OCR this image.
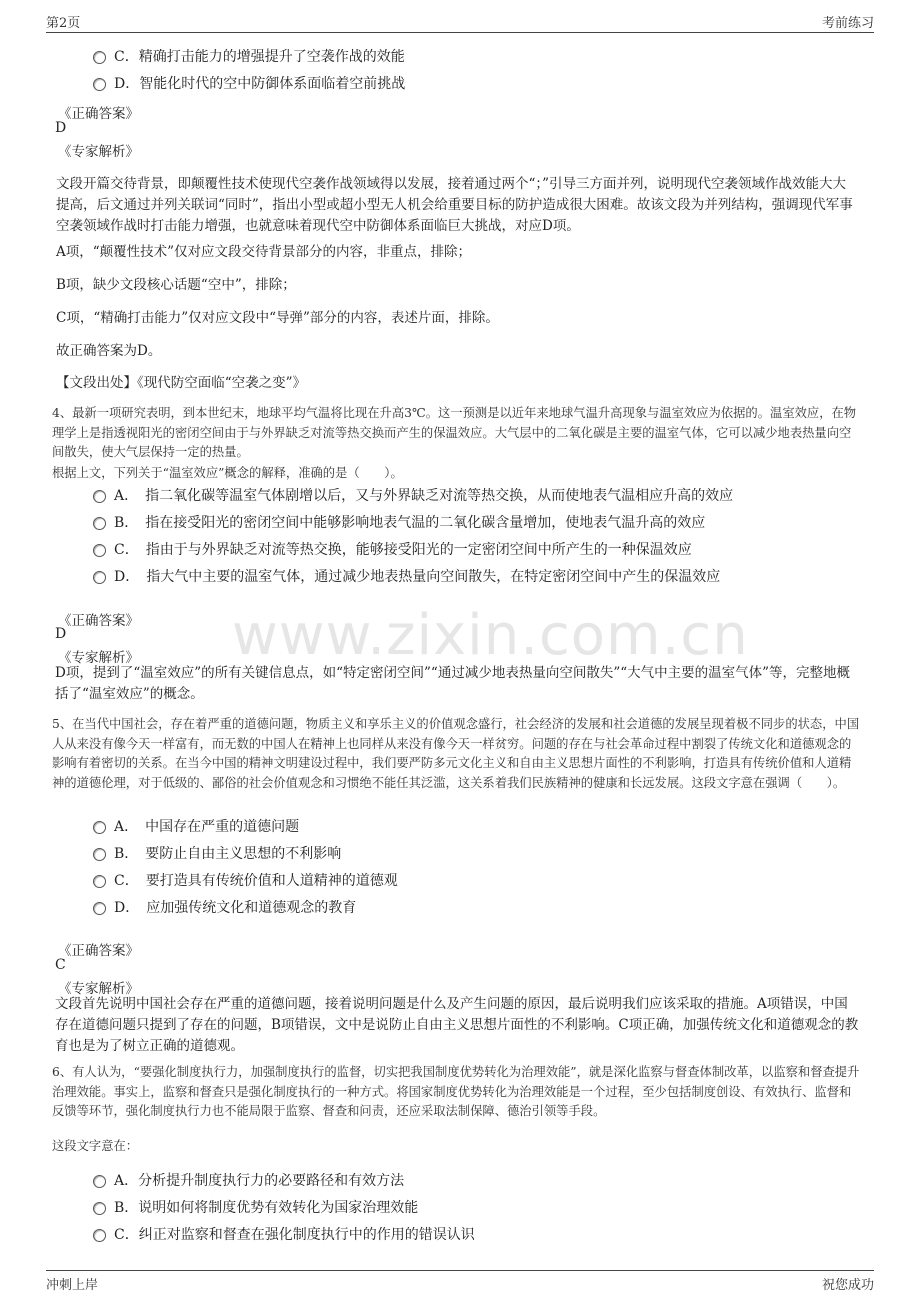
第2页	考前练习
www.zixin.com.cn
C．精确打击能力的增强提升了空袭作战的效能
D．智能化时代的空中防御体系面临着空前挑战
《正确答案》
D
《专家解析》

文段开篇交待背景，即颠覆性技术使现代空袭作战领域得以发展，接着通过两个“；”引导三方面并列，说明现代空袭领域作战效能大大提高，后文通过并列关联词“同时”，指出小型或超小型无人机会给重要目标的防护造成很大困难。故该文段为并列结构，强调现代军事空袭领域作战时打击能力增强，也就意味着现代空中防御体系面临巨大挑战，对应D项。

A项，“颠覆性技术”仅对应文段交待背景部分的内容，非重点，排除；
B项，缺少文段核心话题“空中”，排除；
C项，“精确打击能力”仅对应文段中“导弹”部分的内容，表述片面，排除。
故正确答案为D。
【文段出处】《现代防空面临“空袭之变”》

4、最新一项研究表明，到本世纪末，地球平均气温将比现在升高3℃。这一预测是以近年来地球气温升高现象与温室效应为依据的。温室效应，在物理学上是指透视阳光的密闭空间由于与外界缺乏对流等热交换而产生的保温效应。大气层中的二氧化碳是主要的温室气体，它可以减少地表热量向空间散失，使大气层保持一定的热量。

根据上文，下列关于“温室效应”概念的解释，准确的是（　　）。
A．　指二氧化碳等温室气体剧增以后，又与外界缺乏对流等热交换，从而使地表气温相应升高的效应
B．　指在接受阳光的密闭空间中能够影响地表气温的二氧化碳含量增加，使地表气温升高的效应
C．　指由于与外界缺乏对流等热交换，能够接受阳光的一定密闭空间中所产生的一种保温效应
D．　指大气中主要的温室气体，通过减少地表热量向空间散失，在特定密闭空间中产生的保温效应
《正确答案》
D
《专家解析》

D项，提到了“温室效应”的所有关键信息点，如“特定密闭空间”“通过减少地表热量向空间散失”“大气中主要的温室气体”等，完整地概括了“温室效应”的概念。

5、在当代中国社会，存在着严重的道德问题，物质主义和享乐主义的价值观念盛行，社会经济的发展和社会道德的发展呈现着极不同步的状态，中国人从来没有像今天一样富有，而无数的中国人在精神上也同样从来没有像今天一样贫穷。问题的存在与社会革命过程中割裂了传统文化和道德观念的影响有着密切的关系。在当今中国的精神文明建设过程中，我们要严防多元文化主义和自由主义思想片面性的不利影响，打造具有传统价值和人道精神的道德伦理，对于低级的、鄙俗的社会价值观念和习惯绝不能任其泛滥，这关系着我们民族精神的健康和长远发展。这段文字意在强调（　　）。

A．　中国存在严重的道德问题
B．　要防止自由主义思想的不利影响
C．　要打造具有传统价值和人道精神的道德观
D．　应加强传统文化和道德观念的教育
《正确答案》
C
《专家解析》

文段首先说明中国社会存在严重的道德问题，接着说明问题是什么及产生问题的原因，最后说明我们应该采取的措施。A项错误，中国存在道德问题只提到了存在的问题，B项错误，文中是说防止自由主义思想片面性的不利影响。C项正确，加强传统文化和道德观念的教育也是为了树立正确的道德观。

6、有人认为，“要强化制度执行力，加强制度执行的监督，切实把我国制度优势转化为治理效能”，就是深化监察与督查体制改革，以监察和督查提升治理效能。事实上，监察和督查只是强化制度执行的一种方式。将国家制度优势转化为治理效能是一个过程，至少包括制度创设、有效执行、监督和反馈等环节，强化制度执行力也不能局限于监察、督查和问责，还应采取法制保障、德治引领等手段。

这段文字意在：
A．分析提升制度执行力的必要路径和有效方法
B．说明如何将制度优势有效转化为国家治理效能
C．纠正对监察和督查在强化制度执行中的作用的错误认识
冲刺上岸	祝您成功
